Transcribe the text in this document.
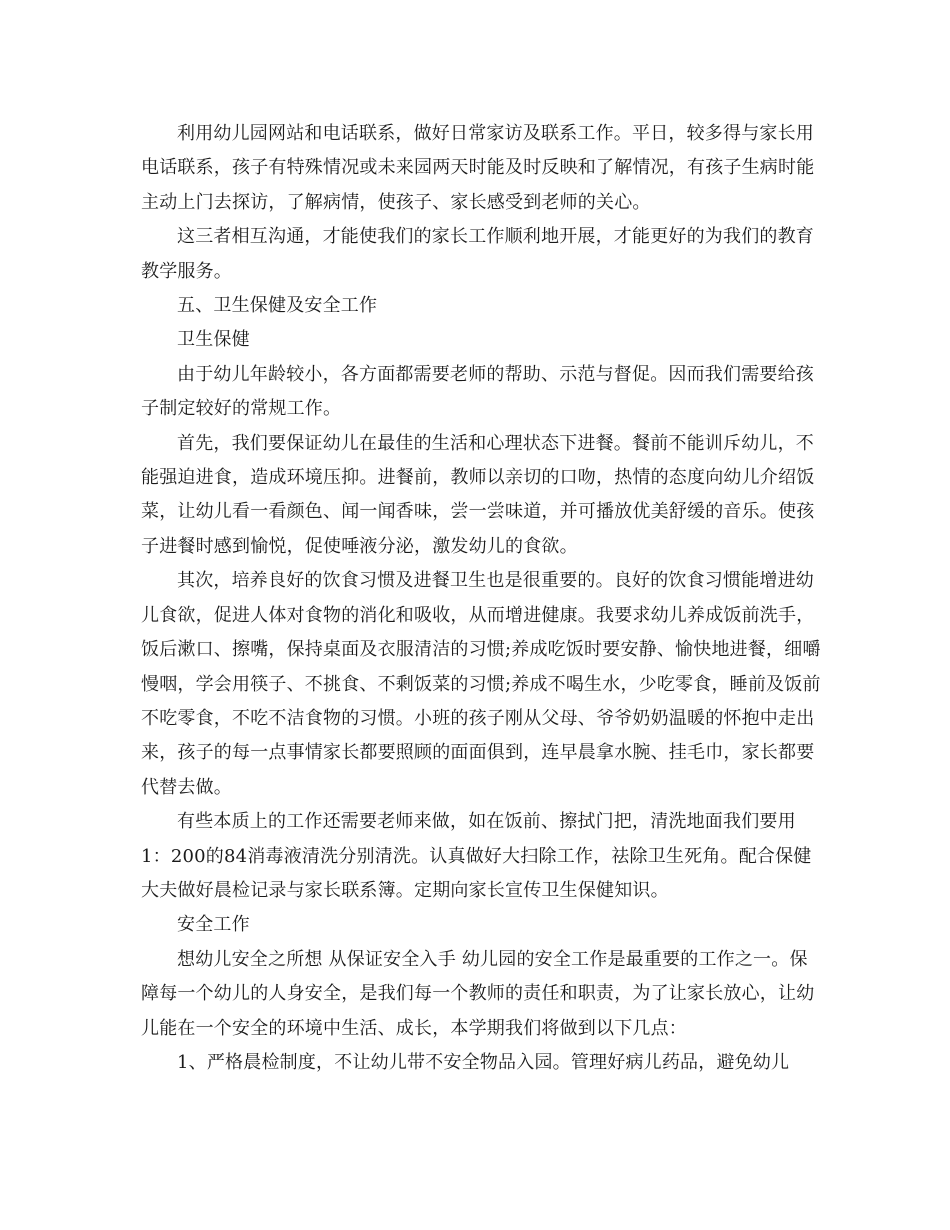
利用幼儿园网站和电话联系，做好日常家访及联系工作。平日，较多得与家长用电话联系，孩子有特殊情况或未来园两天时能及时反映和了解情况，有孩子生病时能主动上门去探访，了解病情，使孩子、家长感受到老师的关心。

这三者相互沟通，才能使我们的家长工作顺利地开展，才能更好的为我们的教育教学服务。

五、卫生保健及安全工作

卫生保健

由于幼儿年龄较小，各方面都需要老师的帮助、示范与督促。因而我们需要给孩子制定较好的常规工作。

首先，我们要保证幼儿在最佳的生活和心理状态下进餐。餐前不能训斥幼儿，不能强迫进食，造成环境压抑。进餐前，教师以亲切的口吻，热情的态度向幼儿介绍饭菜，让幼儿看一看颜色、闻一闻香味，尝一尝味道，并可播放优美舒缓的音乐。使孩子进餐时感到愉悦，促使唾液分泌，激发幼儿的食欲。

其次，培养良好的饮食习惯及进餐卫生也是很重要的。良好的饮食习惯能增进幼儿食欲，促进人体对食物的消化和吸收，从而增进健康。我要求幼儿养成饭前洗手，饭后漱口、擦嘴，保持桌面及衣服清洁的习惯;养成吃饭时要安静、愉快地进餐，细嚼慢咽，学会用筷子、不挑食、不剩饭菜的习惯;养成不喝生水，少吃零食，睡前及饭前不吃零食，不吃不洁食物的习惯。小班的孩子刚从父母、爷爷奶奶温暖的怀抱中走出来，孩子的每一点事情家长都要照顾的面面俱到，连早晨拿水腕、挂毛巾，家长都要代替去做。

有些本质上的工作还需要老师来做，如在饭前、擦拭门把，清洗地面我们要用1：200的84消毒液清洗分别清洗。认真做好大扫除工作，祛除卫生死角。配合保健大夫做好晨检记录与家长联系簿。定期向家长宣传卫生保健知识。

安全工作

想幼儿安全之所想 从保证安全入手 幼儿园的安全工作是最重要的工作之一。保障每一个幼儿的人身安全，是我们每一个教师的责任和职责，为了让家长放心，让幼儿能在一个安全的环境中生活、成长，本学期我们将做到以下几点：

1、严格晨检制度，不让幼儿带不安全物品入园。管理好病儿药品，避免幼儿
